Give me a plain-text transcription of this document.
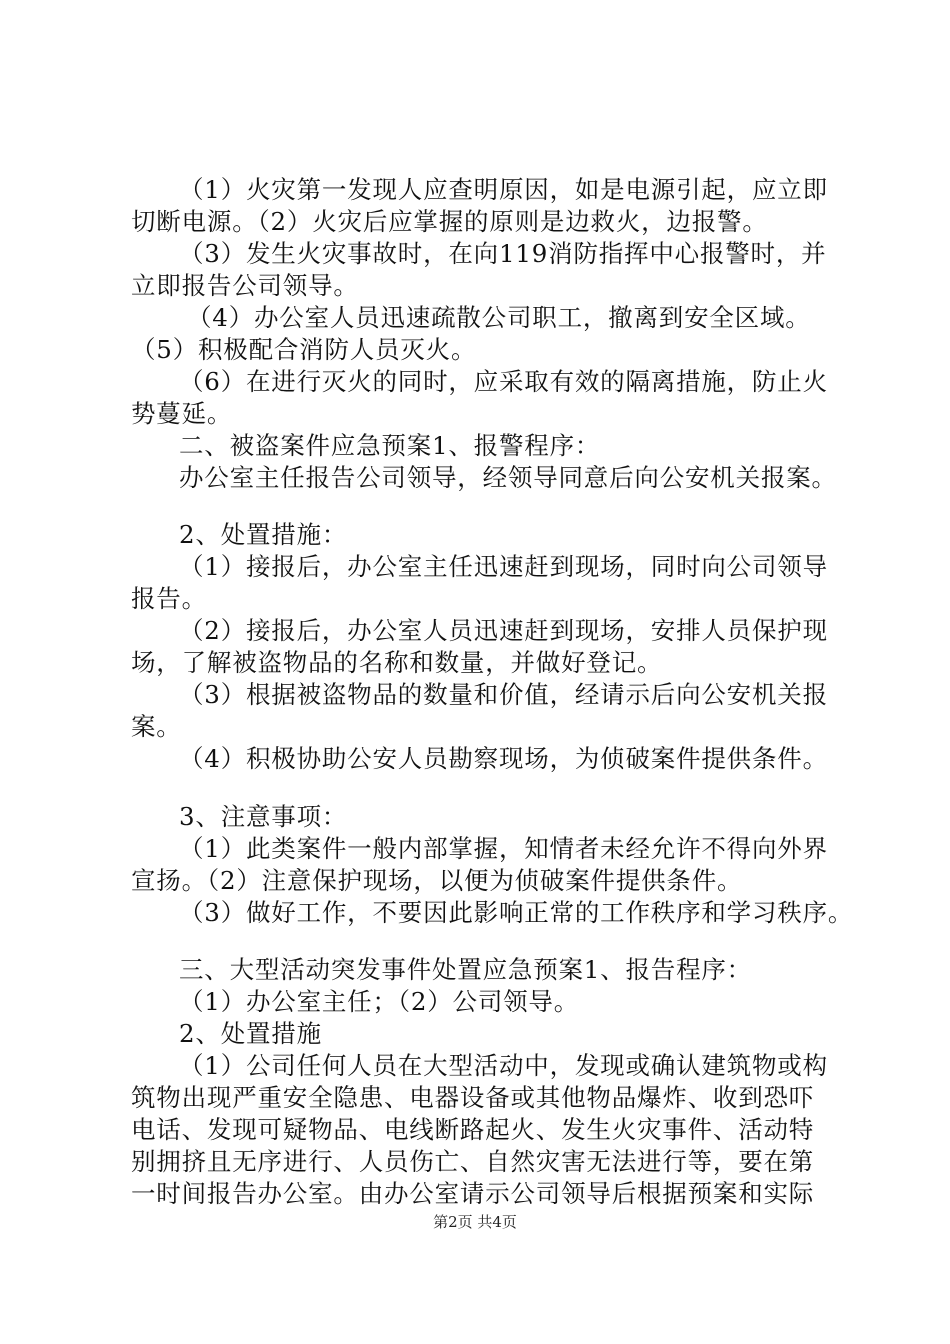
（1）火灾第一发现人应查明原因，如是电源引起，应立即
切断电源。（2）火灾后应掌握的原则是边救火，边报警。
（3）发生火灾事故时，在向119消防指挥中心报警时，并
立即报告公司领导。
（4）办公室人员迅速疏散公司职工，撤离到安全区域。
（5）积极配合消防人员灭火。
（6）在进行灭火的同时，应采取有效的隔离措施，防止火
势蔓延。
二、被盗案件应急预案1、报警程序：
办公室主任报告公司领导，经领导同意后向公安机关报案。
2、处置措施：
（1）接报后，办公室主任迅速赶到现场，同时向公司领导
报告。
（2）接报后，办公室人员迅速赶到现场，安排人员保护现
场，了解被盗物品的名称和数量，并做好登记。
（3）根据被盗物品的数量和价值，经请示后向公安机关报
案。
（4）积极协助公安人员勘察现场，为侦破案件提供条件。
3、注意事项：
（1）此类案件一般内部掌握，知情者未经允许不得向外界
宣扬。（2）注意保护现场，以便为侦破案件提供条件。
（3）做好工作，不要因此影响正常的工作秩序和学习秩序。
三、大型活动突发事件处置应急预案1、报告程序：
（1）办公室主任；（2）公司领导。
2、处置措施
（1）公司任何人员在大型活动中，发现或确认建筑物或构
筑物出现严重安全隐患、电器设备或其他物品爆炸、收到恐吓
电话、发现可疑物品、电线断路起火、发生火灾事件、活动特
别拥挤且无序进行、人员伤亡、自然灾害无法进行等，要在第
一时间报告办公室。由办公室请示公司领导后根据预案和实际
第2页 共4页
